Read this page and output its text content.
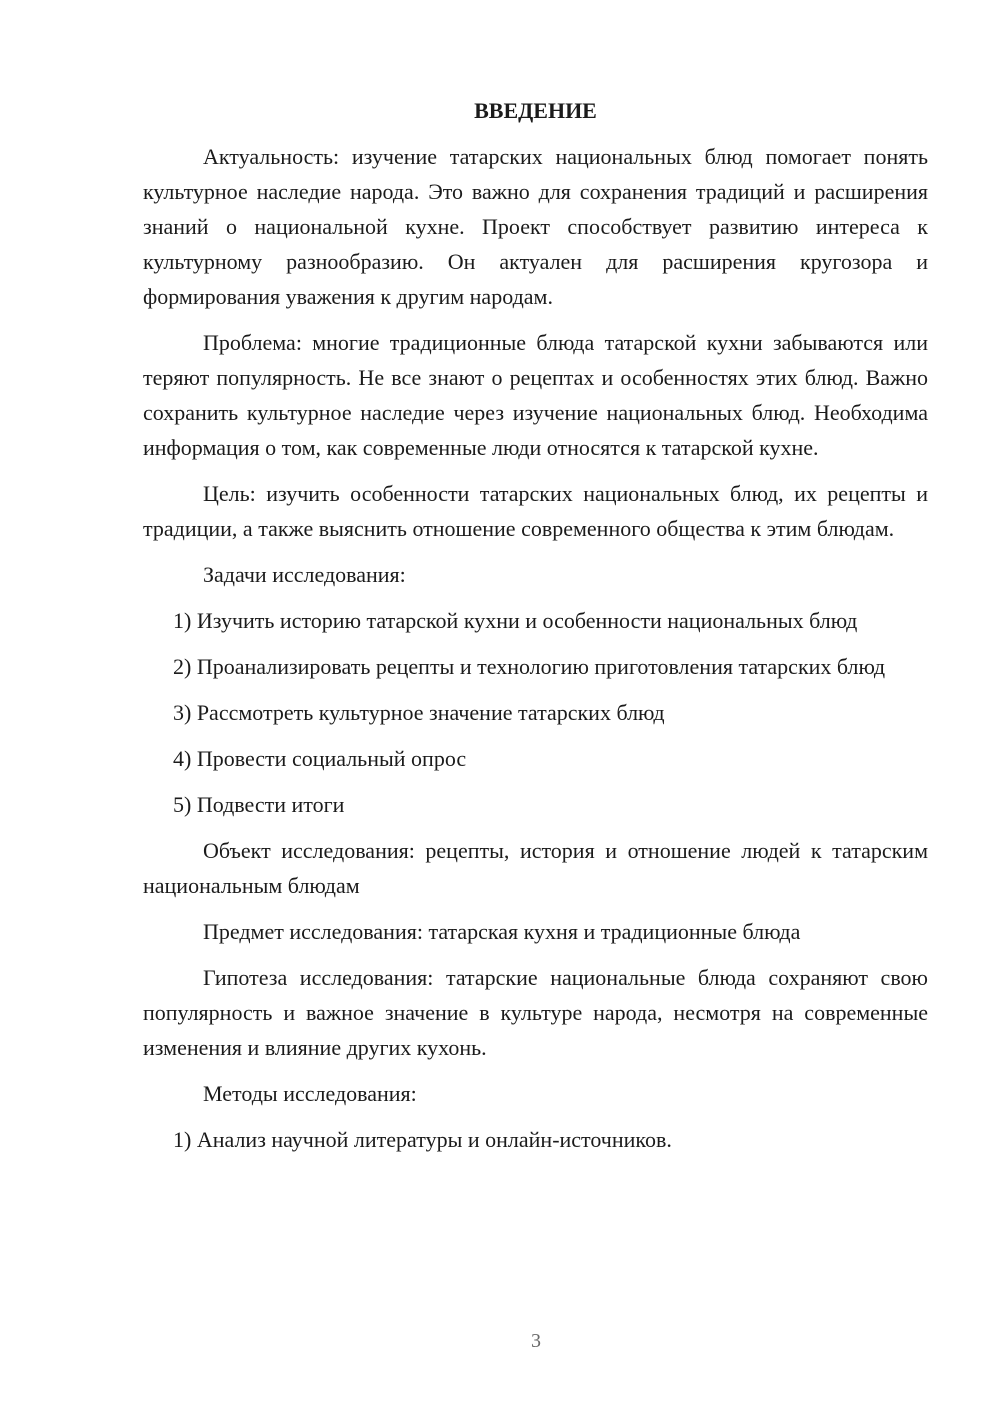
ВВЕДЕНИЕ

Актуальность: изучение татарских национальных блюд помогает понять культурное наследие народа. Это важно для сохранения традиций и расширения знаний о национальной кухне. Проект способствует развитию интереса к культурному разнообразию. Он актуален для расширения кругозора и формирования уважения к другим народам.

Проблема: многие традиционные блюда татарской кухни забываются или теряют популярность. Не все знают о рецептах и особенностях этих блюд. Важно сохранить культурное наследие через изучение национальных блюд. Необходима информация о том, как современные люди относятся к татарской кухне.

Цель: изучить особенности татарских национальных блюд, их рецепты и традиции, а также выяснить отношение современного общества к этим блюдам.

Задачи исследования:

1) Изучить историю татарской кухни и особенности национальных блюд

2) Проанализировать рецепты и технологию приготовления татарских блюд

3) Рассмотреть культурное значение татарских блюд

4) Провести социальный опрос

5) Подвести итоги

Объект исследования: рецепты, история и отношение людей к татарским национальным блюдам

Предмет исследования: татарская кухня и традиционные блюда

Гипотеза исследования: татарские национальные блюда сохраняют свою популярность и важное значение в культуре народа, несмотря на современные изменения и влияние других кухонь.

Методы исследования:

1) Анализ научной литературы и онлайн-источников.

3
